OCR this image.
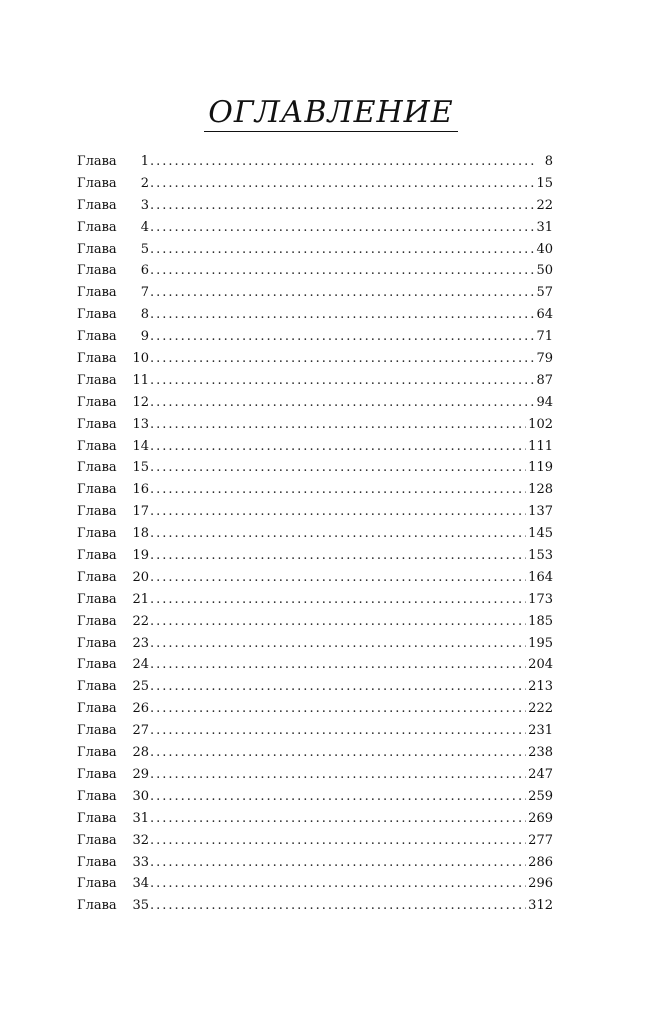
ОГЛАВЛЕНИЕ
Глава	1 .....	8
Глава	2 .....	15
Глава	3 .....	22
Глава	4 .....	31
Глава	5 .....	40
Глава	6 .....	50
Глава	7 .....	57
Глава	8 .....	64
Глава	9 .....	71
Глава	10 .....	79
Глава	11 .....	87
Глава	12 .....	94
Глава	13 .....	102
Глава	14 .....	111
Глава	15 .....	119
Глава	16 .....	128
Глава	17 .....	137
Глава	18 .....	145
Глава	19 .....	153
Глава	20 .....	164
Глава	21 .....	173
Глава	22 .....	185
Глава	23 .....	195
Глава	24 .....	204
Глава	25 .....	213
Глава	26 .....	222
Глава	27 .....	231
Глава	28 .....	238
Глава	29 .....	247
Глава	30 .....	259
Глава	31 .....	269
Глава	32 .....	277
Глава	33 .....	286
Глава	34 .....	296
Глава	35 .....	312
